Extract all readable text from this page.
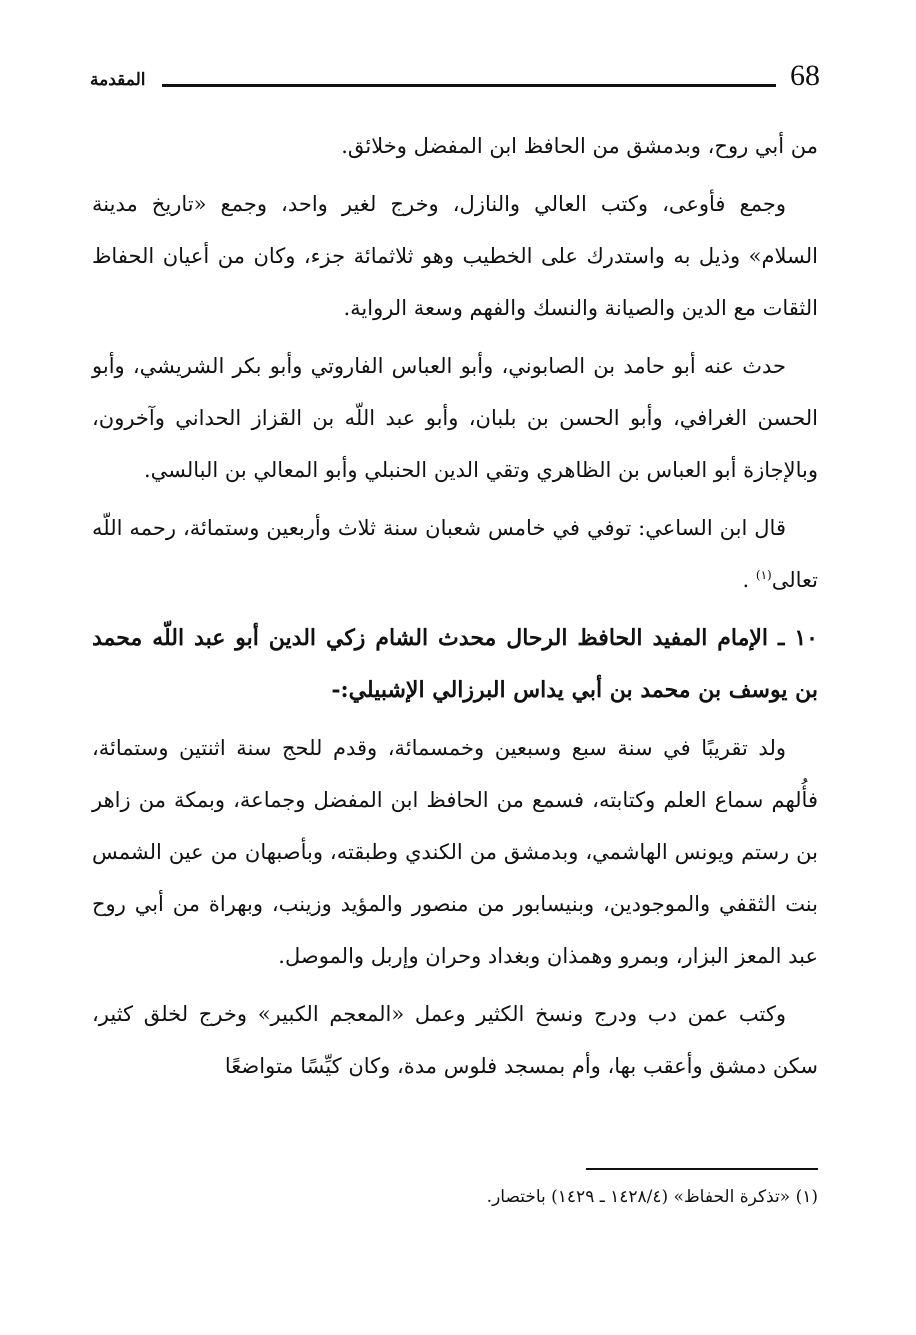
المقدمة	68

من أبي روح، وبدمشق من الحافظ ابن المفضل وخلائق.

وجمع فأوعى، وكتب العالي والنازل، وخرج لغير واحد، وجمع «تاريخ مدينة السلام» وذيل به واستدرك على الخطيب وهو ثلاثمائة جزء، وكان من أعيان الحفاظ الثقات مع الدين والصيانة والنسك والفهم وسعة الرواية.

حدث عنه أبو حامد بن الصابوني، وأبو العباس الفاروتي وأبو بكر الشريشي، وأبو الحسن الغرافي، وأبو الحسن بن بلبان، وأبو عبد اللّه بن القزاز الحداني وآخرون، وبالإجازة أبو العباس بن الظاهري وتقي الدين الحنبلي وأبو المعالي بن البالسي.

قال ابن الساعي: توفي في خامس شعبان سنة ثلاث وأربعين وستمائة، رحمه اللّه تعالى$^{(١)}$ .

١٠ ـ الإمام المفيد الحافظ الرحال محدث الشام زكي الدين أبو عبد اللّه محمد بن يوسف بن محمد بن أبي يداس البرزالي الإشبيلي:-

ولد تقريبًا في سنة سبع وسبعين وخمسمائة، وقدم للحج سنة اثنتين وستمائة، فأُلهم سماع العلم وكتابته، فسمع من الحافظ ابن المفضل وجماعة، وبمكة من زاهر بن رستم ويونس الهاشمي، وبدمشق من الكندي وطبقته، وبأصبهان من عين الشمس بنت الثقفي والموجودين، وبنيسابور من منصور والمؤيد وزينب، وبهراة من أبي روح عبد المعز البزار، وبمرو وهمذان وبغداد وحران وإربل والموصل.

وكتب عمن دب ودرج ونسخ الكثير وعمل «المعجم الكبير» وخرج لخلق كثير، سكن دمشق وأعقب بها، وأم بمسجد فلوس مدة، وكان كيِّسًا متواضعًا

(١) «تذكرة الحفاظ» (١٤٢٨/٤ ـ ١٤٢٩) باختصار.
